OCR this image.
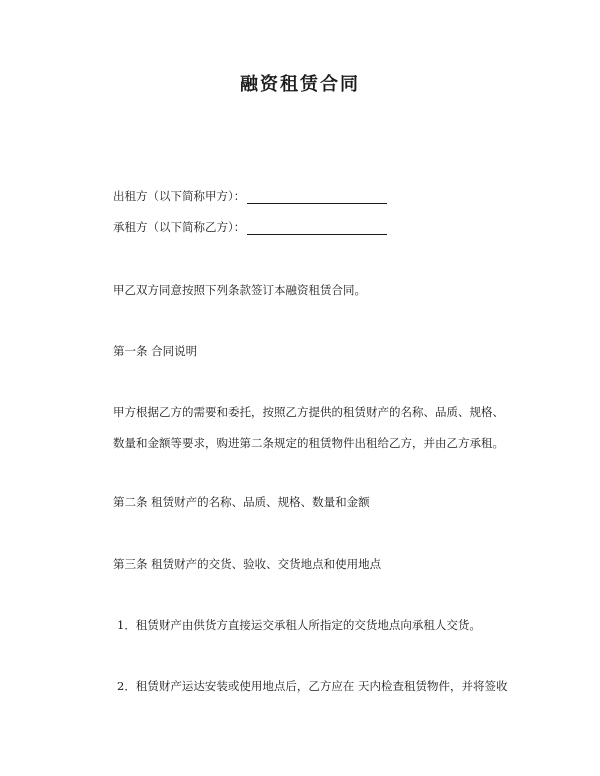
融资租赁合同
出租方（以下简称甲方）：
承租方（以下简称乙方）：
甲乙双方同意按照下列条款签订本融资租赁合同。
第一条 合同说明
甲方根据乙方的需要和委托，按照乙方提供的租赁财产的名称、品质、规格、
数量和金额等要求，购进第二条规定的租赁物件出租给乙方，并由乙方承租。
第二条 租赁财产的名称、品质、规格、数量和金额
第三条 租赁财产的交货、验收、交货地点和使用地点
1．租赁财产由供货方直接运交承租人所指定的交货地点向承租人交货。
2．租赁财产运达安装或使用地点后，乙方应在 天内检查租赁物件，并将签收
